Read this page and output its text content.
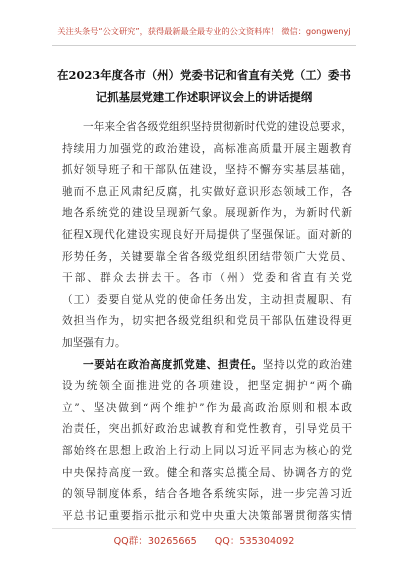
关注头条号“公文研究”，获得最新最全最专业的公文资料库！ 微信：gongwenyj
在2023年度各市（州）党委书记和省直有关党（工）委书
记抓基层党建工作述职评议会上的讲话提纲
一年来全省各级党组织坚持贯彻新时代党的建设总要求，
持续用力加强党的政治建设，高标准高质量开展主题教育
抓好领导班子和干部队伍建设，坚持不懈夯实基层基础，
驰而不息正风肃纪反腐，扎实做好意识形态领域工作，各
地各系统党的建设呈现新气象。展现新作为，为新时代新
征程Ⅹ现代化建设实现良好开局提供了坚强保证。面对新的
形势任务，关键要靠全省各级党组织团结带领广大党员、
干部、群众去拼去干。各市（州）党委和省直有关党
（工）委要自觉从党的使命任务出发，主动担责履职、有
效担当作为，切实把各级党组织和党员干部队伍建设得更
加坚强有力。
一要站在政治高度抓党建、担责任。坚持以党的政治建
设为统领全面推进党的各项建设，把坚定拥护“两个确
立”、坚决做到“两个维护”作为最高政治原则和根本政
治责任，突出抓好政治忠诚教育和党性教育，引导党员干
部始终在思想上政治上行动上同以习近平同志为核心的党
中央保持高度一致。健全和落实总揽全局、协调各方的党
的领导制度体系，结合各地各系统实际，进一步完善习近
平总书记重要指示批示和党中央重大决策部署贯彻落实情
QQ群：30265665 QQ：535304092
